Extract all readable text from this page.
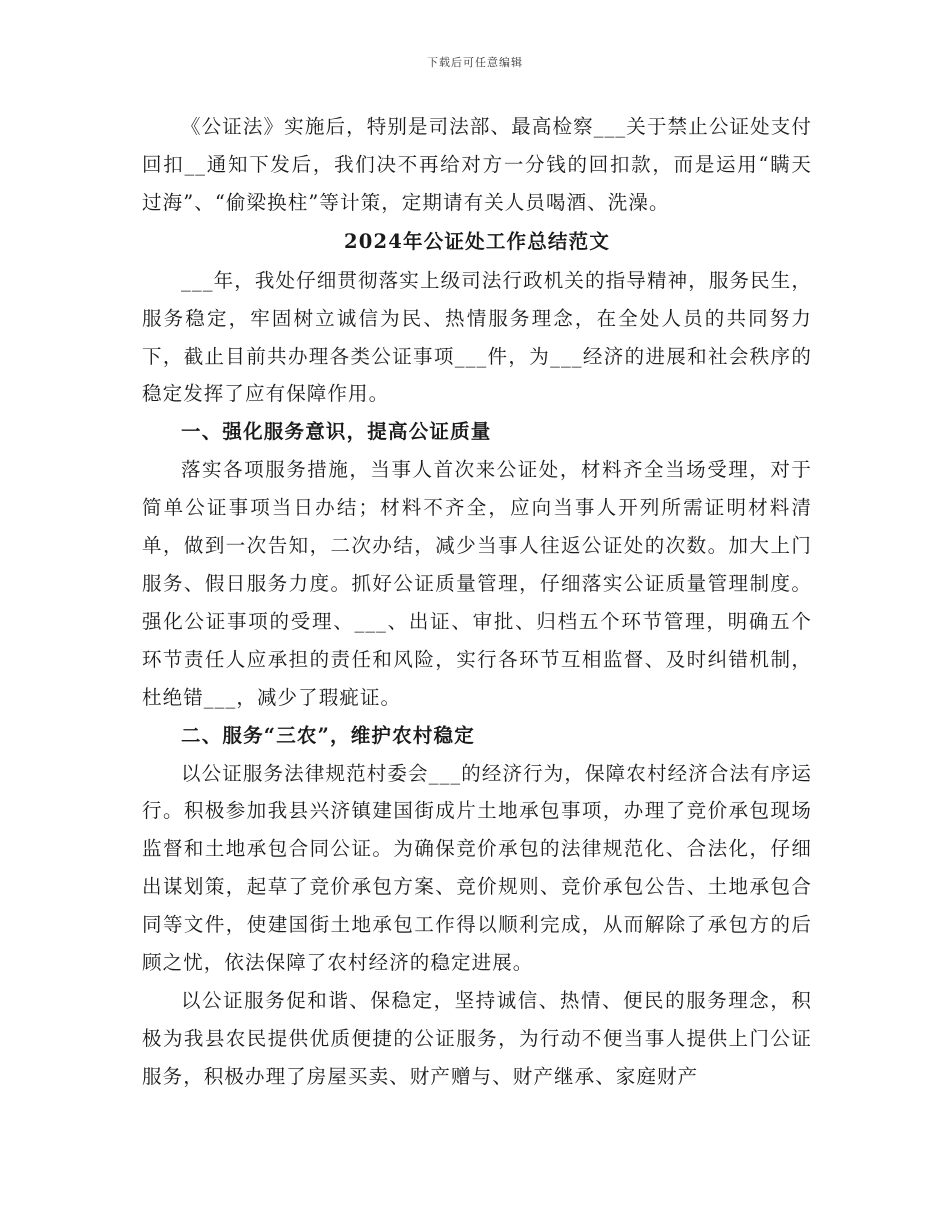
下载后可任意编辑

《公证法》实施后，特别是司法部、最高检察___关于禁止公证处支付回扣__通知下发后，我们决不再给对方一分钱的回扣款，而是运用“瞒天过海”、“偷梁换柱”等计策，定期请有关人员喝酒、洗澡。

2024年公证处工作总结范文

___年，我处仔细贯彻落实上级司法行政机关的指导精神，服务民生，服务稳定，牢固树立诚信为民、热情服务理念，在全处人员的共同努力下，截止目前共办理各类公证事项___件，为___经济的进展和社会秩序的稳定发挥了应有保障作用。

一、强化服务意识，提高公证质量

落实各项服务措施，当事人首次来公证处，材料齐全当场受理，对于简单公证事项当日办结；材料不齐全，应向当事人开列所需证明材料清单，做到一次告知，二次办结，减少当事人往返公证处的次数。加大上门服务、假日服务力度。抓好公证质量管理，仔细落实公证质量管理制度。强化公证事项的受理、___、出证、审批、归档五个环节管理，明确五个环节责任人应承担的责任和风险，实行各环节互相监督、及时纠错机制，杜绝错___，减少了瑕疵证。

二、服务“三农”，维护农村稳定

以公证服务法律规范村委会___的经济行为，保障农村经济合法有序运行。积极参加我县兴济镇建国街成片土地承包事项，办理了竞价承包现场监督和土地承包合同公证。为确保竞价承包的法律规范化、合法化，仔细出谋划策，起草了竞价承包方案、竞价规则、竞价承包公告、土地承包合同等文件，使建国街土地承包工作得以顺利完成，从而解除了承包方的后顾之忧，依法保障了农村经济的稳定进展。

以公证服务促和谐、保稳定，坚持诚信、热情、便民的服务理念，积极为我县农民提供优质便捷的公证服务，为行动不便当事人提供上门公证服务，积极办理了房屋买卖、财产赠与、财产继承、家庭财产
